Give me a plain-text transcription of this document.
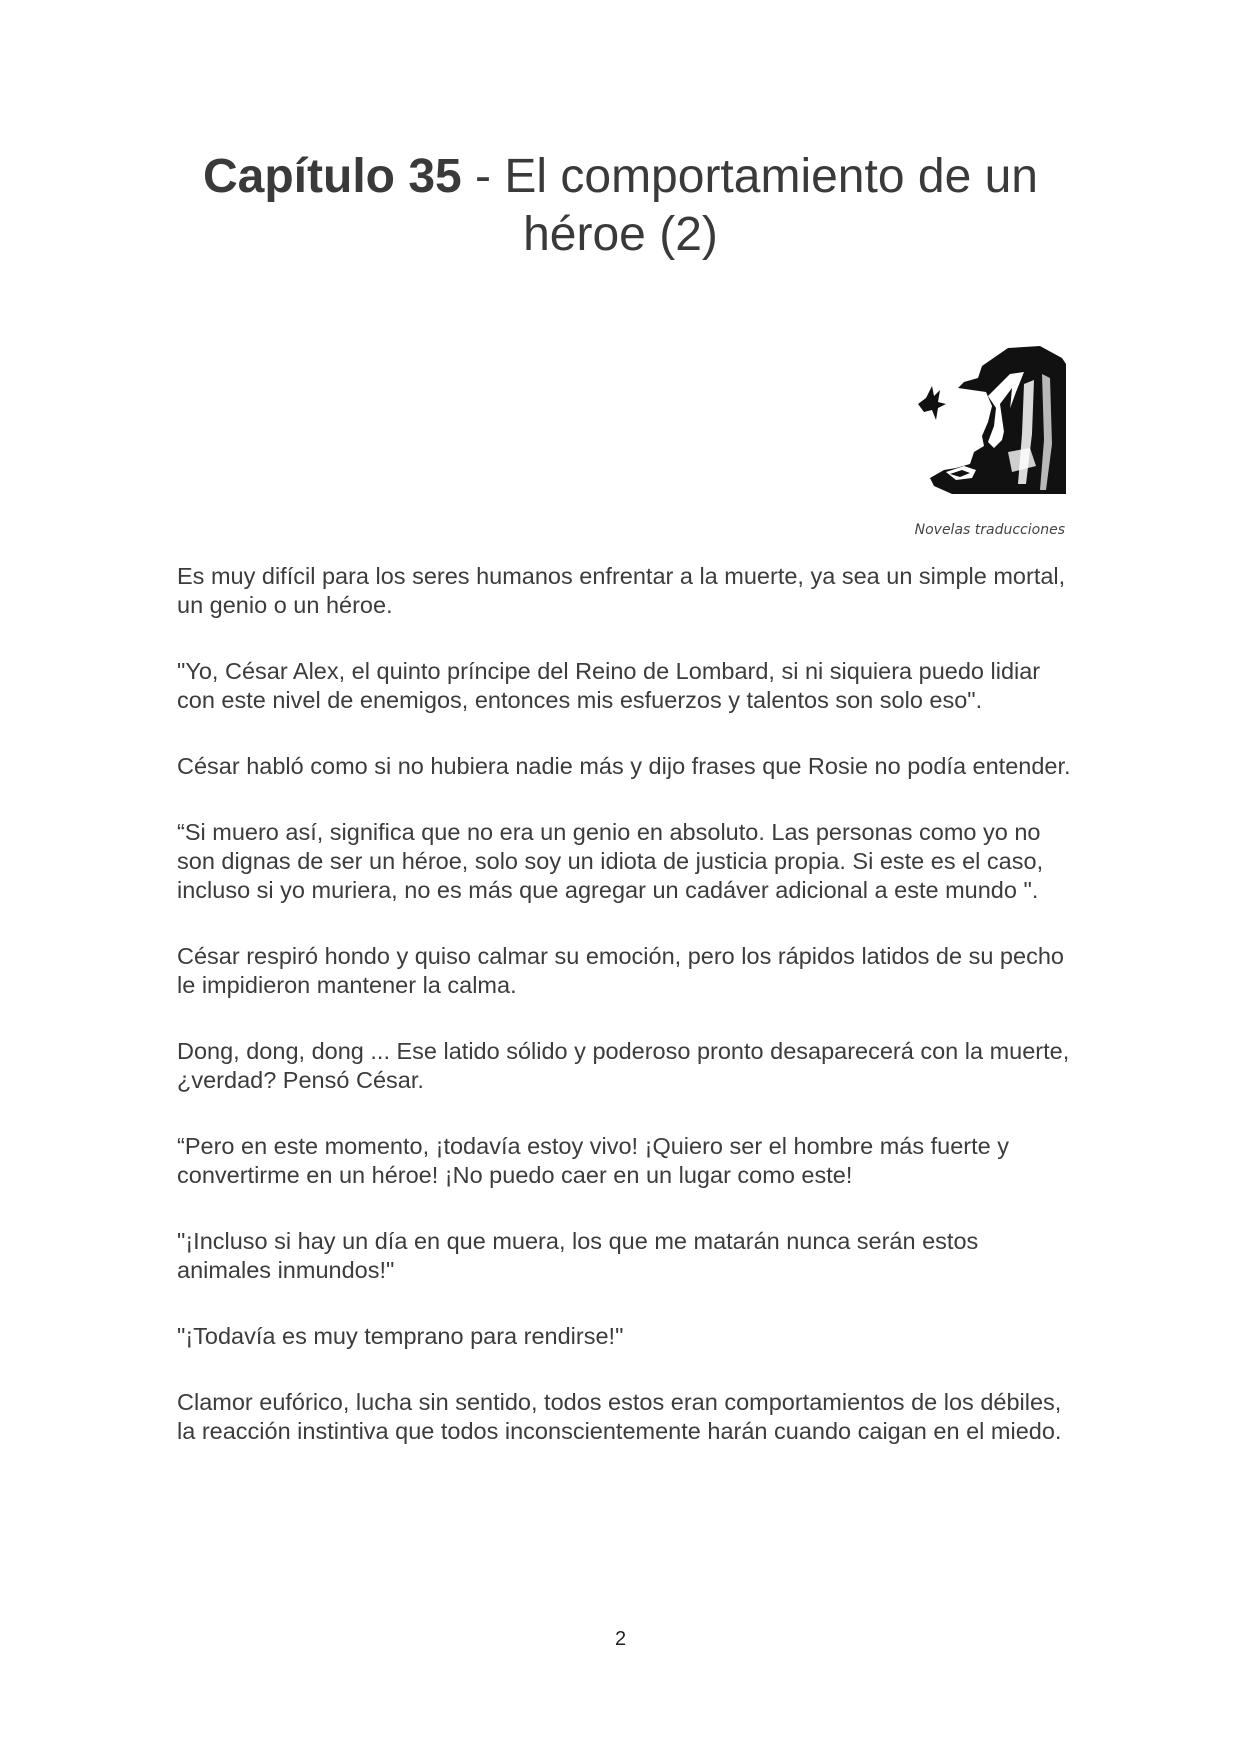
Capítulo 35 - El comportamiento de un
héroe (2)
Novelas traducciones

Es muy difícil para los seres humanos enfrentar a la muerte, ya sea un simple mortal, un genio o un héroe.

"Yo, César Alex, el quinto príncipe del Reino de Lombard, si ni siquiera puedo lidiar con este nivel de enemigos, entonces mis esfuerzos y talentos son solo eso".

César habló como si no hubiera nadie más y dijo frases que Rosie no podía entender.

“Si muero así, significa que no era un genio en absoluto. Las personas como yo no son dignas de ser un héroe, solo soy un idiota de justicia propia. Si este es el caso, incluso si yo muriera, no es más que agregar un cadáver adicional a este mundo ".

César respiró hondo y quiso calmar su emoción, pero los rápidos latidos de su pecho le impidieron mantener la calma.

Dong, dong, dong ... Ese latido sólido y poderoso pronto desaparecerá con la muerte, ¿verdad? Pensó César.

“Pero en este momento, ¡todavía estoy vivo! ¡Quiero ser el hombre más fuerte y convertirme en un héroe! ¡No puedo caer en un lugar como este!

"¡Incluso si hay un día en que muera, los que me matarán nunca serán estos animales inmundos!"

"¡Todavía es muy temprano para rendirse!"

Clamor eufórico, lucha sin sentido, todos estos eran comportamientos de los débiles, la reacción instintiva que todos inconscientemente harán cuando caigan en el miedo.

2
